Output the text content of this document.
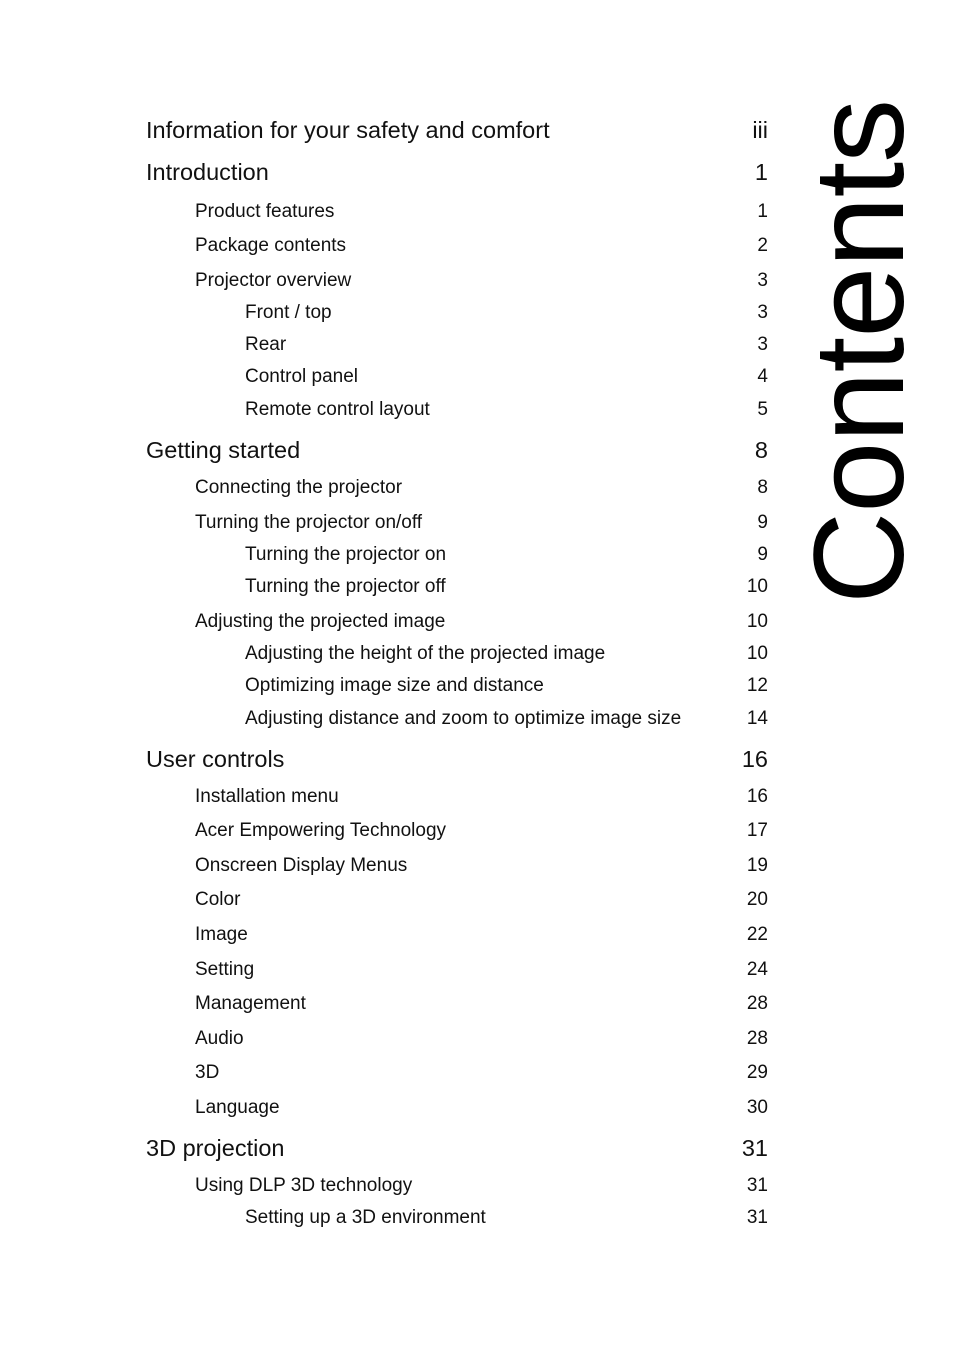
Information for your safety and comfort	iii
Introduction	1
Product features	1
Package contents	2
Projector overview	3
Front / top	3
Rear	3
Control panel	4
Remote control layout	5
Getting started	8
Connecting the projector	8
Turning the projector on/off	9
Turning the projector on	9
Turning the projector off	10
Adjusting the projected image	10
Adjusting the height of the projected image	10
Optimizing image size and distance	12
Adjusting distance and zoom to optimize image size	14
User controls	16
Installation menu	16
Acer Empowering Technology	17
Onscreen Display Menus	19
Color	20
Image	22
Setting	24
Management	28
Audio	28
3D	29
Language	30
3D projection	31
Using DLP 3D technology	31
Setting up a 3D environment	31
Contents
